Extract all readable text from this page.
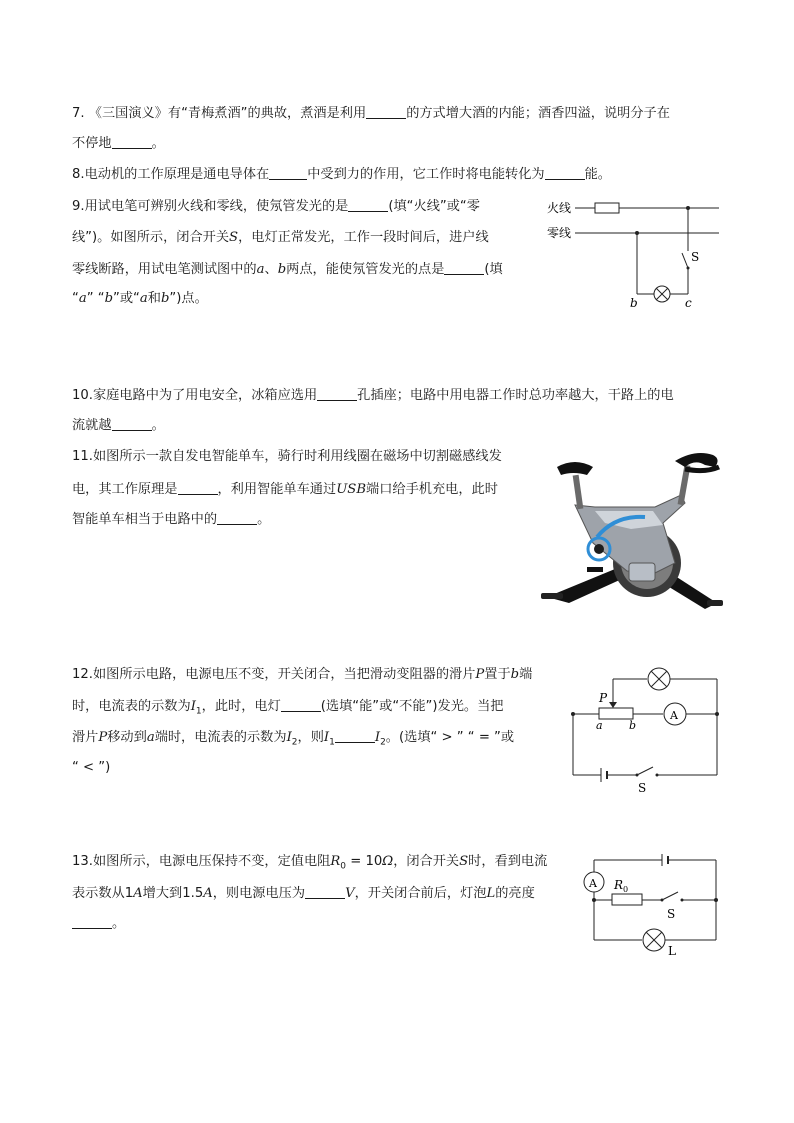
7. 《三国演义》有“青梅煮酒”的典故，煮酒是利用	的方式增大酒的内能；酒香四溢，说明分子在
不停地	。
8.电动机的工作原理是通电导体在	中受到力的作用，它工作时将电能转化为	能。
9.用试电笔可辨别火线和零线，使氖管发光的是	(填“火线”或“零
线”)。如图所示，闭合开关S，电灯正常发光，工作一段时间后，进户线
零线断路，用试电笔测试图中的a、b两点，能使氖管发光的点是	(填
“a” “b”或“a和b”)点。
火线
零线
S
b	c
10.家庭电路中为了用电安全，冰箱应选用	孔插座；电路中用电器工作时总功率越大，干路上的电
流就越	。
11.如图所示一款自发电智能单车，骑行时利用线圈在磁场中切割磁感线发
电，其工作原理是	，利用智能单车通过USB端口给手机充电，此时
智能单车相当于电路中的	。
12.如图所示电路，电源电压不变，开关闭合，当把滑动变阻器的滑片P置于b端
时，电流表的示数为$I_1$，此时，电灯	(选填“能”或“不能”)发光。当把
滑片P移动到a端时，电流表的示数为$I_2$，则$I_1$	$I_2$。(选填“ > ” “ = ”或
“ < ”)
P
a b
A
S
13.如图所示，电源电压保持不变，定值电阻$R_0 = 10\Omega$，闭合开关S时，看到电流
表示数从1A增大到1.5A，则电源电压为	V，开关闭合前后，灯泡L的亮度
。
A $R_0$
S
L
